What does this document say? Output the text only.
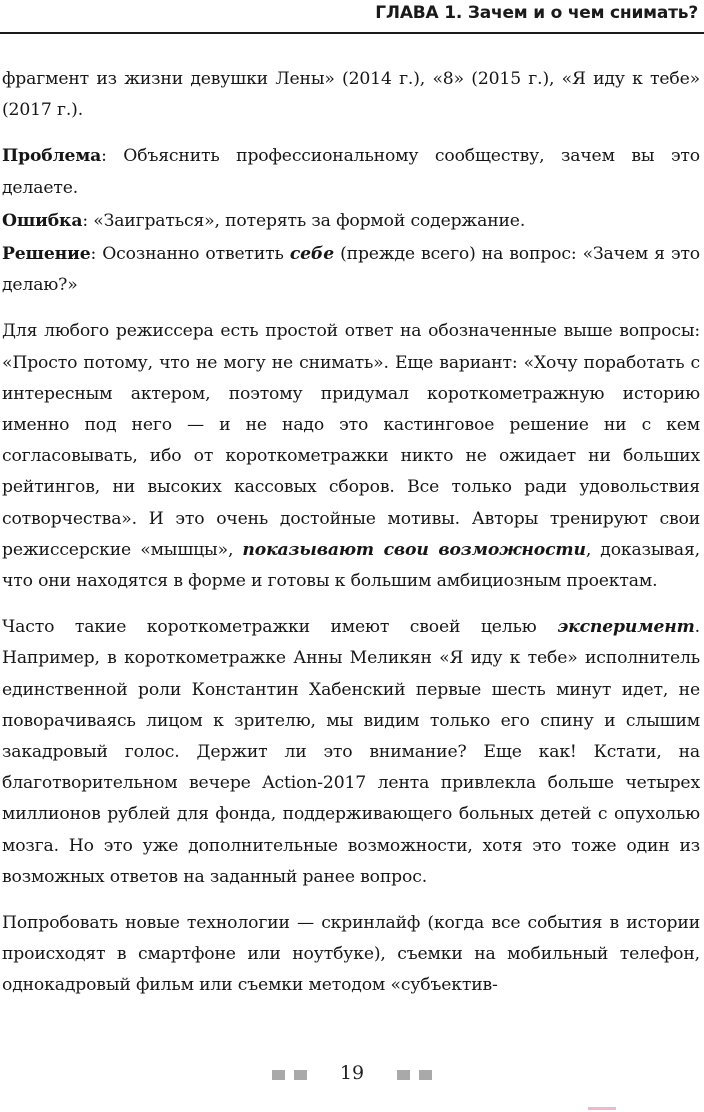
ГЛАВА 1. Зачем и о чем снимать?

фрагмент из жизни девушки Лены» (2014 г.), «8» (2015 г.), «Я иду к тебе» (2017 г.).

Проблема: Объяснить профессиональному сообществу, зачем вы это делаете.

Ошибка: «Заиграться», потерять за формой содержание.

Решение: Осознанно ответить себе (прежде всего) на вопрос: «Зачем я это делаю?»

Для любого режиссера есть простой ответ на обозначенные выше вопросы: «Просто потому, что не могу не снимать». Еще вариант: «Хочу поработать с интересным актером, поэтому придумал короткометражную историю именно под него — и не надо это кастинговое решение ни с кем согласовывать, ибо от короткометражки никто не ожидает ни больших рейтингов, ни высоких кассовых сборов. Все только ради удовольствия сотворчества». И это очень достойные мотивы. Авторы тренируют свои режиссерские «мышцы», показывают свои возможности, доказывая, что они находятся в форме и готовы к большим амбициозным проектам.

Часто такие короткометражки имеют своей целью эксперимент. Например, в короткометражке Анны Меликян «Я иду к тебе» исполнитель единственной роли Константин Хабенский первые шесть минут идет, не поворачиваясь лицом к зрителю, мы видим только его спину и слышим закадровый голос. Держит ли это внимание? Еще как! Кстати, на благотворительном вечере Action-2017 лента привлекла больше четырех миллионов рублей для фонда, поддерживающего больных детей с опухолью мозга. Но это уже дополнительные возможности, хотя это тоже один из возможных ответов на заданный ранее вопрос.

Попробовать новые технологии — скринлайф (когда все события в истории происходят в смартфоне или ноутбуке), съемки на мобильный телефон, однокадровый фильм или съемки методом «субъектив-

19
